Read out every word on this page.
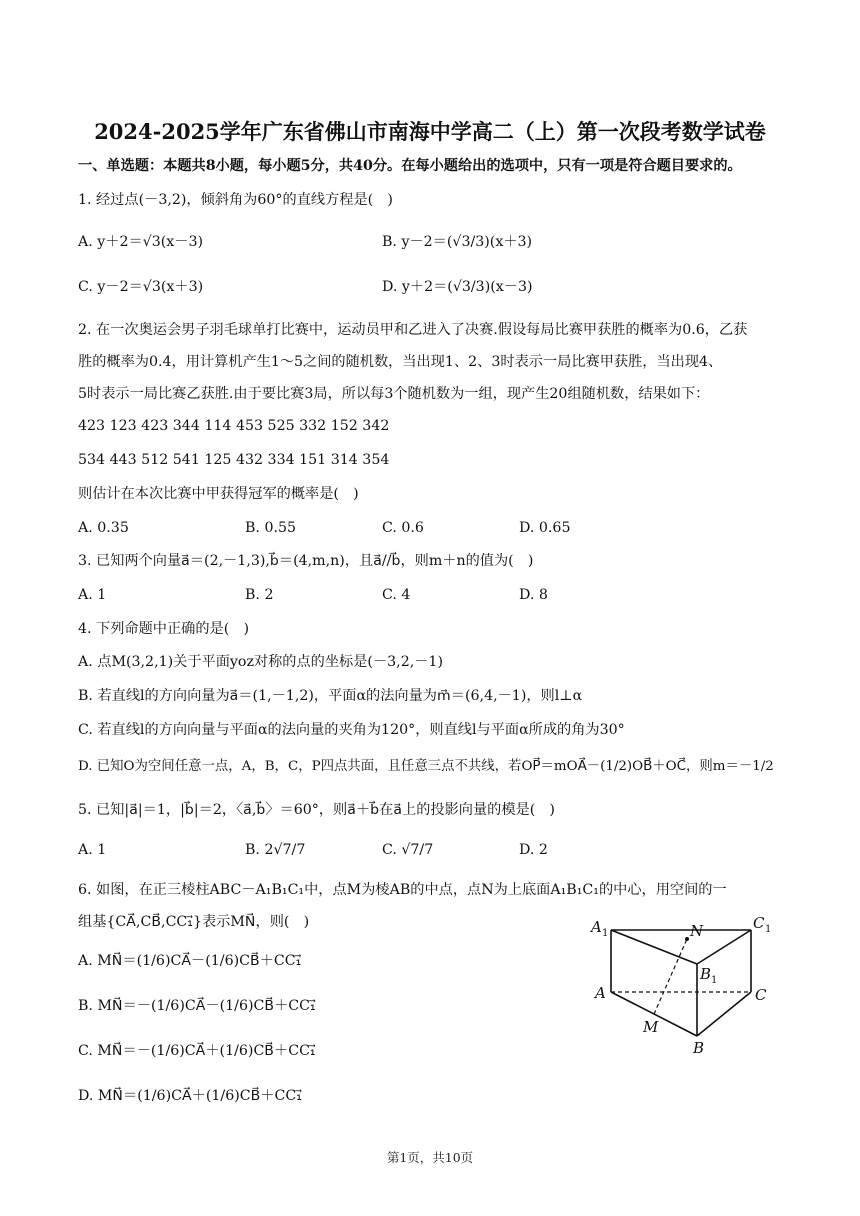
2024-2025学年广东省佛山市南海中学高二（上）第一次段考数学试卷
一、单选题：本题共8小题，每小题5分，共40分。在每小题给出的选项中，只有一项是符合题目要求的。
1. 经过点(－3,2)，倾斜角为60°的直线方程是(　)
A. y＋2＝√3(x－3)	B. y－2＝(√3/3)(x＋3)
C. y－2＝√3(x＋3)	D. y＋2＝(√3/3)(x－3)
2. 在一次奥运会男子羽毛球单打比赛中，运动员甲和乙进入了决赛.假设每局比赛甲获胜的概率为0.6，乙获
胜的概率为0.4，用计算机产生1～5之间的随机数，当出现1、2、3时表示一局比赛甲获胜，当出现4、
5时表示一局比赛乙获胜.由于要比赛3局，所以每3个随机数为一组，现产生20组随机数，结果如下：
423 123 423 344 114 453 525 332 152 342
534 443 512 541 125 432 334 151 314 354
则估计在本次比赛中甲获得冠军的概率是(　)
A. 0.35	B. 0.55	C. 0.6	D. 0.65
3. 已知两个向量a⃗＝(2,－1,3),b⃗＝(4,m,n)，且a⃗//b⃗，则m＋n的值为(　)
A. 1	B. 2	C. 4	D. 8
4. 下列命题中正确的是(　)
A. 点M(3,2,1)关于平面yoz对称的点的坐标是(－3,2,－1)
B. 若直线l的方向向量为a⃗＝(1,－1,2)，平面α的法向量为m⃗＝(6,4,－1)，则l⊥α
C. 若直线l的方向向量与平面α的法向量的夹角为120°，则直线l与平面α所成的角为30°
D. 已知O为空间任意一点，A，B，C，P四点共面，且任意三点不共线，若OP⃗＝mOA⃗－(1/2)OB⃗＋OC⃗，则m＝－1/2
5. 已知|a⃗|＝1，|b⃗|＝2，〈a⃗,b⃗〉＝60°，则a⃗＋b⃗在a⃗上的投影向量的模是(　)
A. 1	B. 2√7/7	C. √7/7	D. 2
6. 如图，在正三棱柱ABC－A₁B₁C₁中，点M为棱AB的中点，点N为上底面A₁B₁C₁的中心，用空间的一
组基{CA⃗,CB⃗,CC₁⃗}表示MN⃗，则(　)
A. MN⃗＝(1/6)CA⃗－(1/6)CB⃗＋CC₁⃗
B. MN⃗＝－(1/6)CA⃗－(1/6)CB⃗＋CC₁⃗
C. MN⃗＝－(1/6)CA⃗＋(1/6)CB⃗＋CC₁⃗
D. MN⃗＝(1/6)CA⃗＋(1/6)CB⃗＋CC₁⃗
A 1
C 1
B 1
N
A	C
M
B
第1页，共10页
